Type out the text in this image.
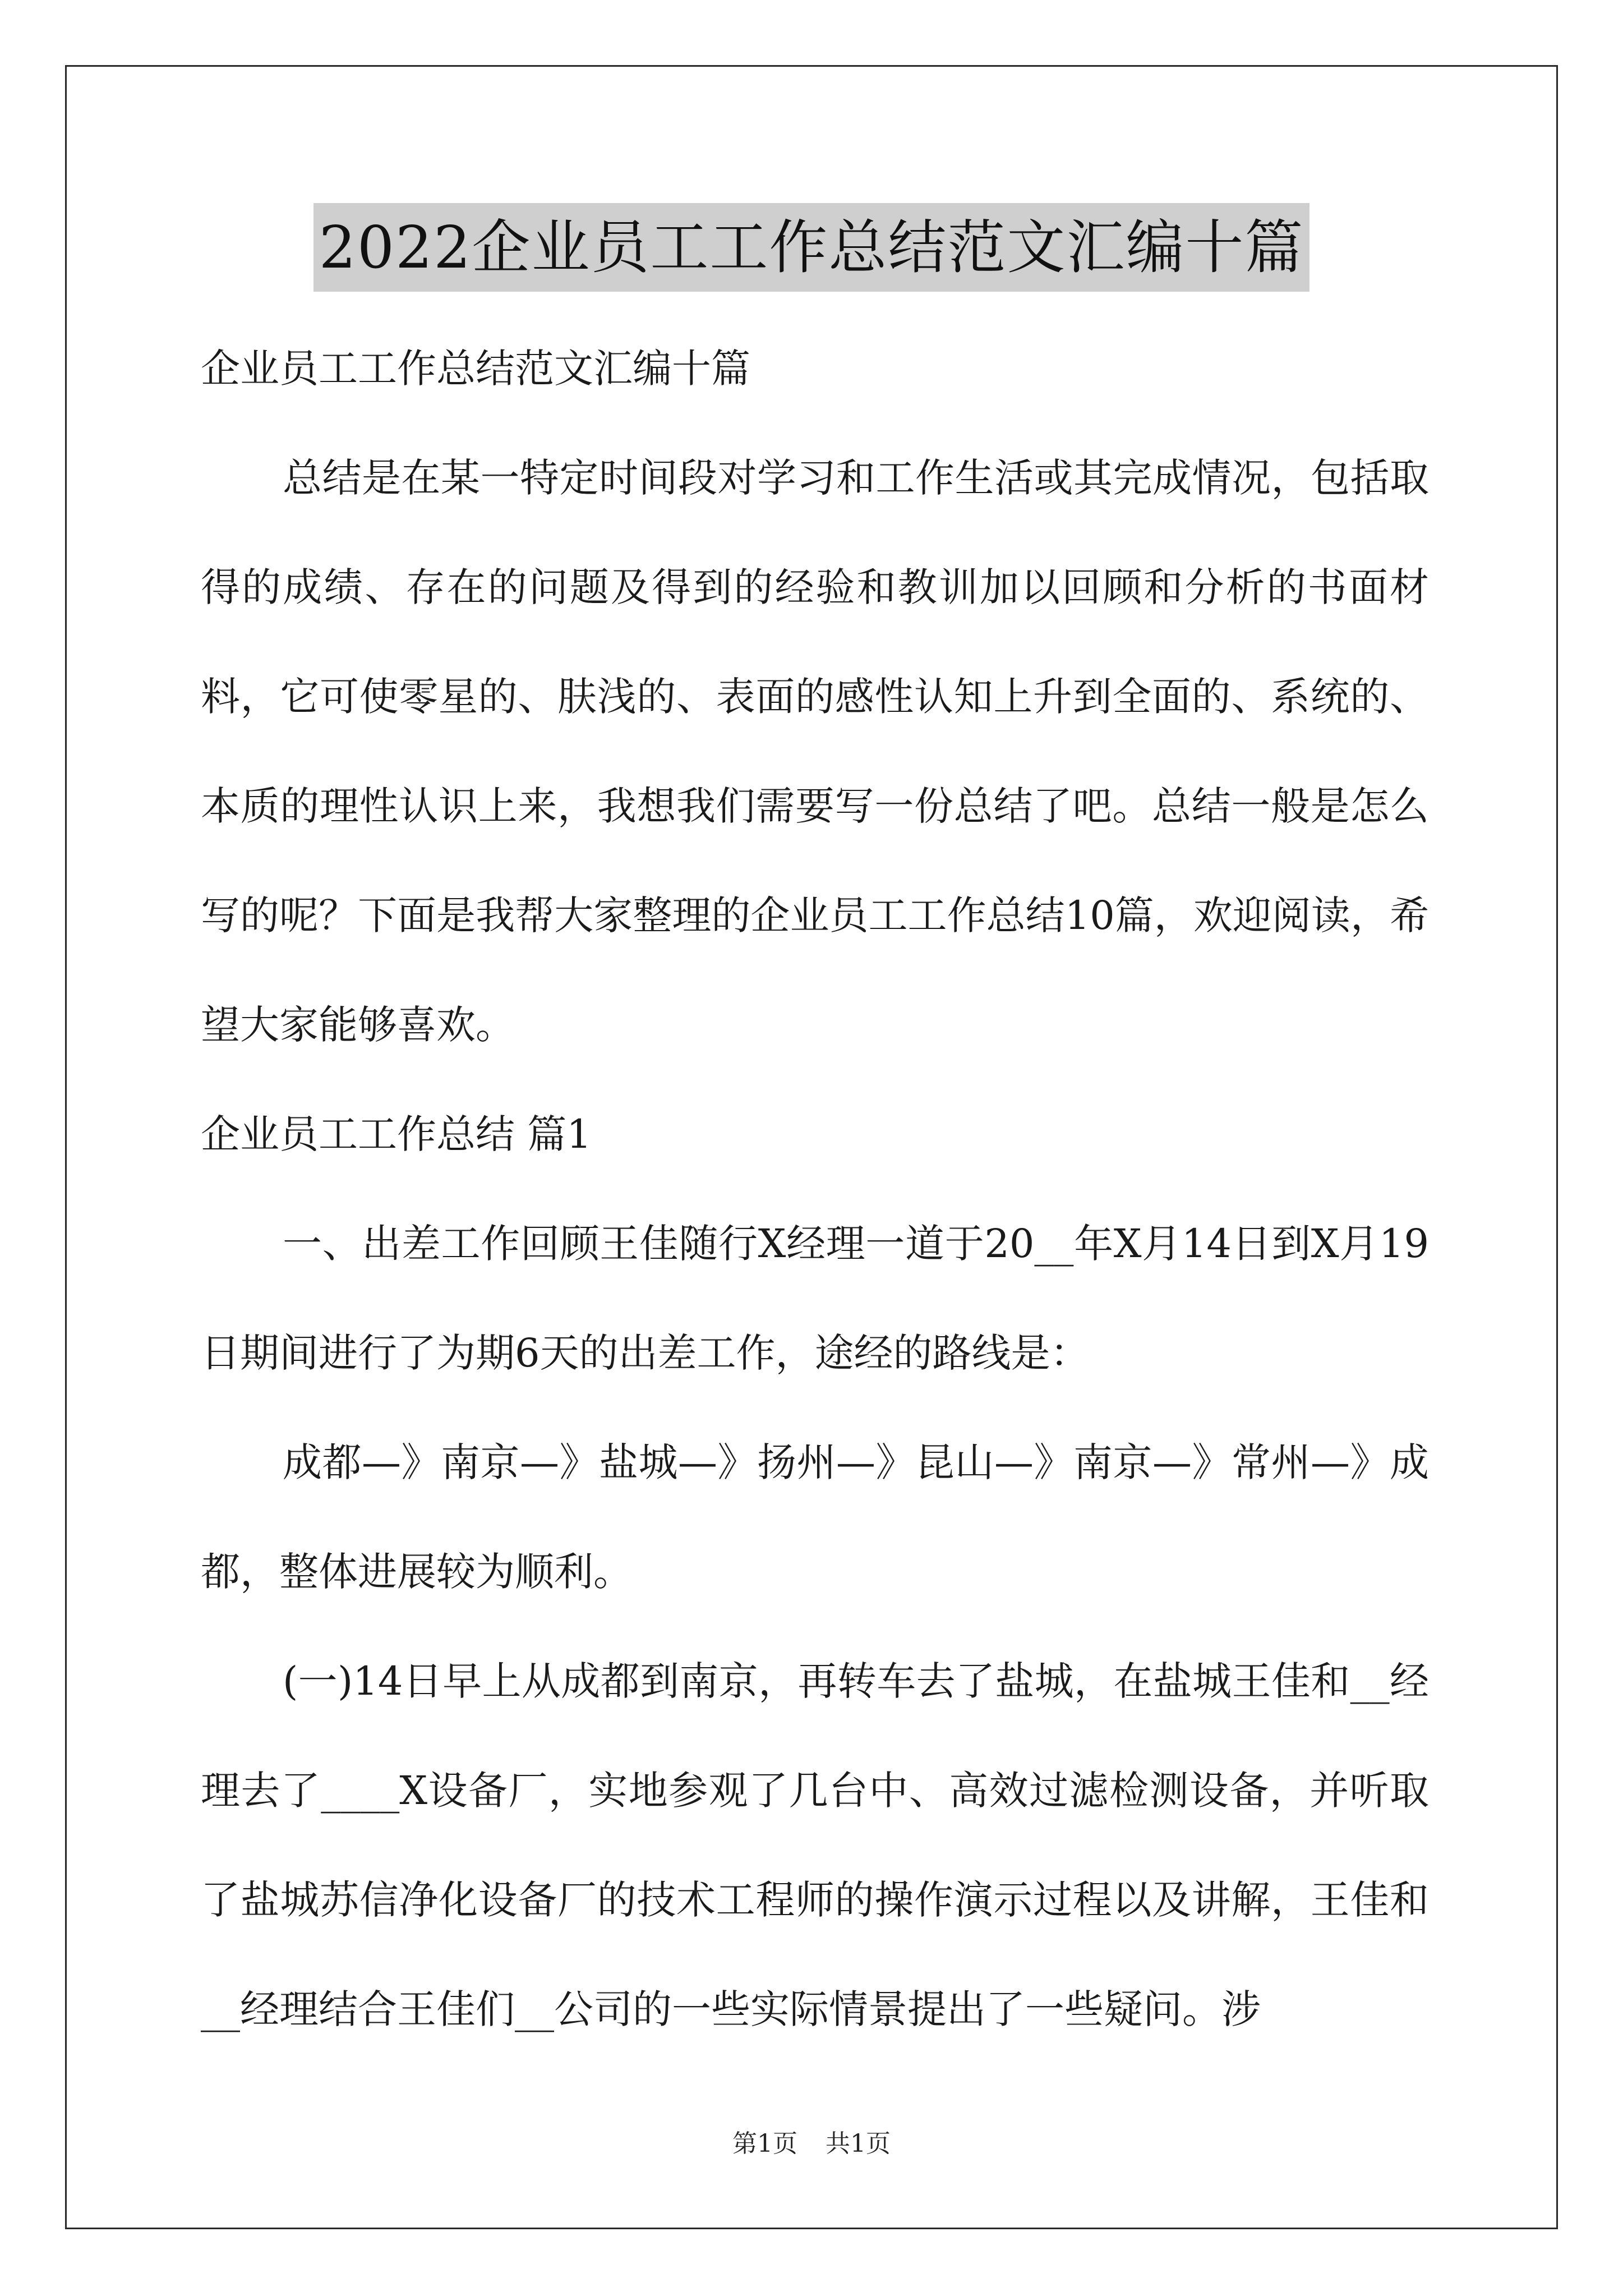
2022企业员工工作总结范文汇编十篇

企业员工工作总结范文汇编十篇

总结是在某一特定时间段对学习和工作生活或其完成情况，包括取得的成绩、存在的问题及得到的经验和教训加以回顾和分析的书面材料，它可使零星的、肤浅的、表面的感性认知上升到全面的、系统的、本质的理性认识上来，我想我们需要写一份总结了吧。总结一般是怎么写的呢？下面是我帮大家整理的企业员工工作总结10篇，欢迎阅读，希望大家能够喜欢。

企业员工工作总结 篇1

一、出差工作回顾王佳随行X经理一道于20__年X月14日到X月19日期间进行了为期6天的出差工作，途经的路线是：

成都—》南京—》盐城—》扬州—》昆山—》南京—》常州—》成都，整体进展较为顺利。

(一)14日早上从成都到南京，再转车去了盐城，在盐城王佳和__经理去了____X设备厂，实地参观了几台中、高效过滤检测设备，并听取了盐城苏信净化设备厂的技术工程师的操作演示过程以及讲解，王佳和__经理结合王佳们__公司的一些实际情景提出了一些疑问。涉

第1页 共1页
